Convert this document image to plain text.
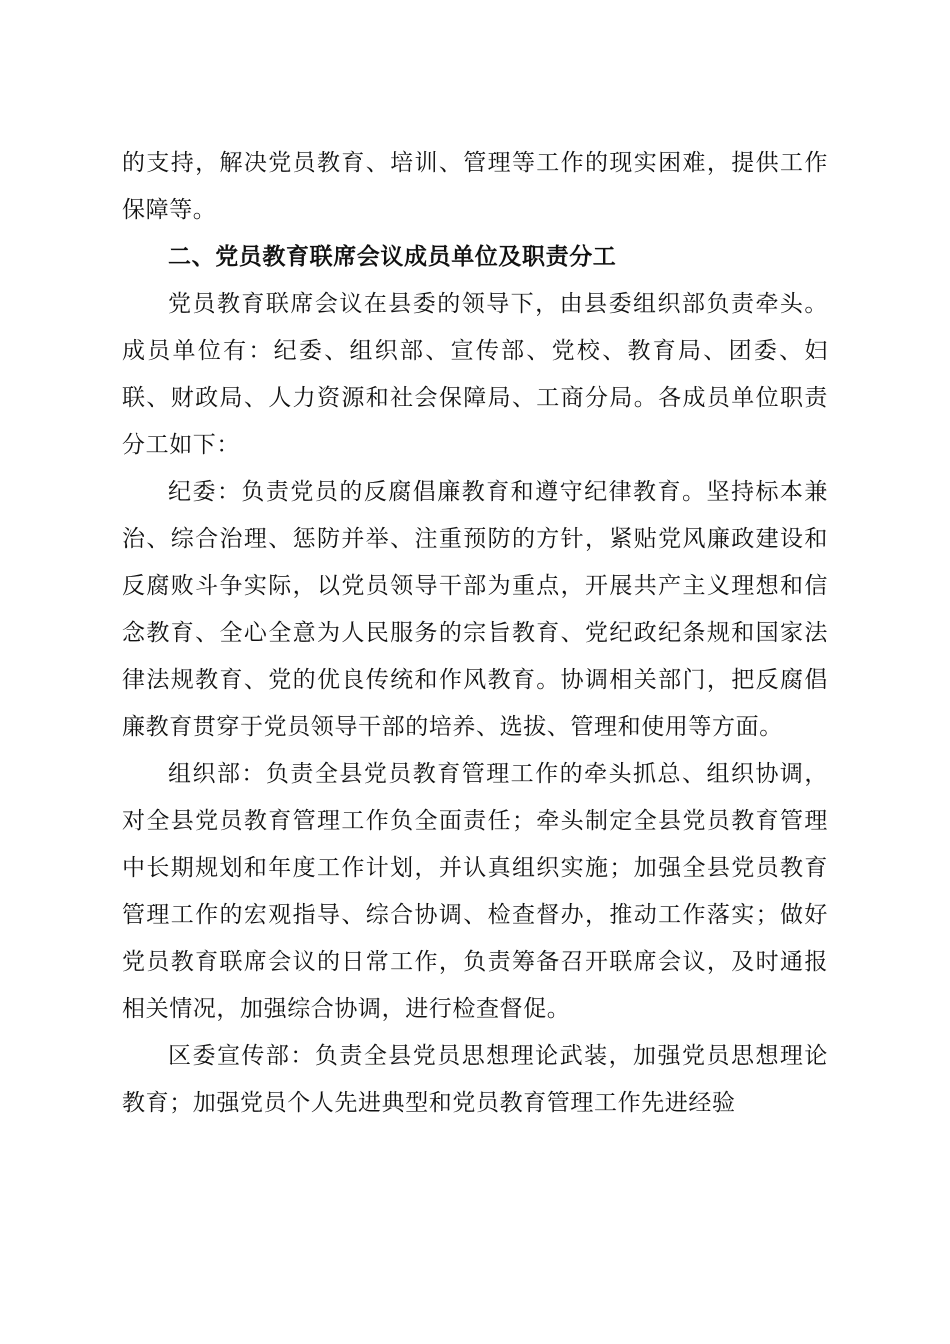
的支持，解决党员教育、培训、管理等工作的现实困难，提供工作保障等。

二、党员教育联席会议成员单位及职责分工

党员教育联席会议在县委的领导下，由县委组织部负责牵头。成员单位有：纪委、组织部、宣传部、党校、教育局、团委、妇联、财政局、人力资源和社会保障局、工商分局。各成员单位职责分工如下：

纪委：负责党员的反腐倡廉教育和遵守纪律教育。坚持标本兼治、综合治理、惩防并举、注重预防的方针，紧贴党风廉政建设和反腐败斗争实际，以党员领导干部为重点，开展共产主义理想和信念教育、全心全意为人民服务的宗旨教育、党纪政纪条规和国家法律法规教育、党的优良传统和作风教育。协调相关部门，把反腐倡廉教育贯穿于党员领导干部的培养、选拔、管理和使用等方面。

组织部：负责全县党员教育管理工作的牵头抓总、组织协调，对全县党员教育管理工作负全面责任；牵头制定全县党员教育管理中长期规划和年度工作计划，并认真组织实施；加强全县党员教育管理工作的宏观指导、综合协调、检查督办，推动工作落实；做好党员教育联席会议的日常工作，负责筹备召开联席会议，及时通报相关情况，加强综合协调，进行检查督促。

区委宣传部：负责全县党员思想理论武装，加强党员思想理论教育；加强党员个人先进典型和党员教育管理工作先进经验
